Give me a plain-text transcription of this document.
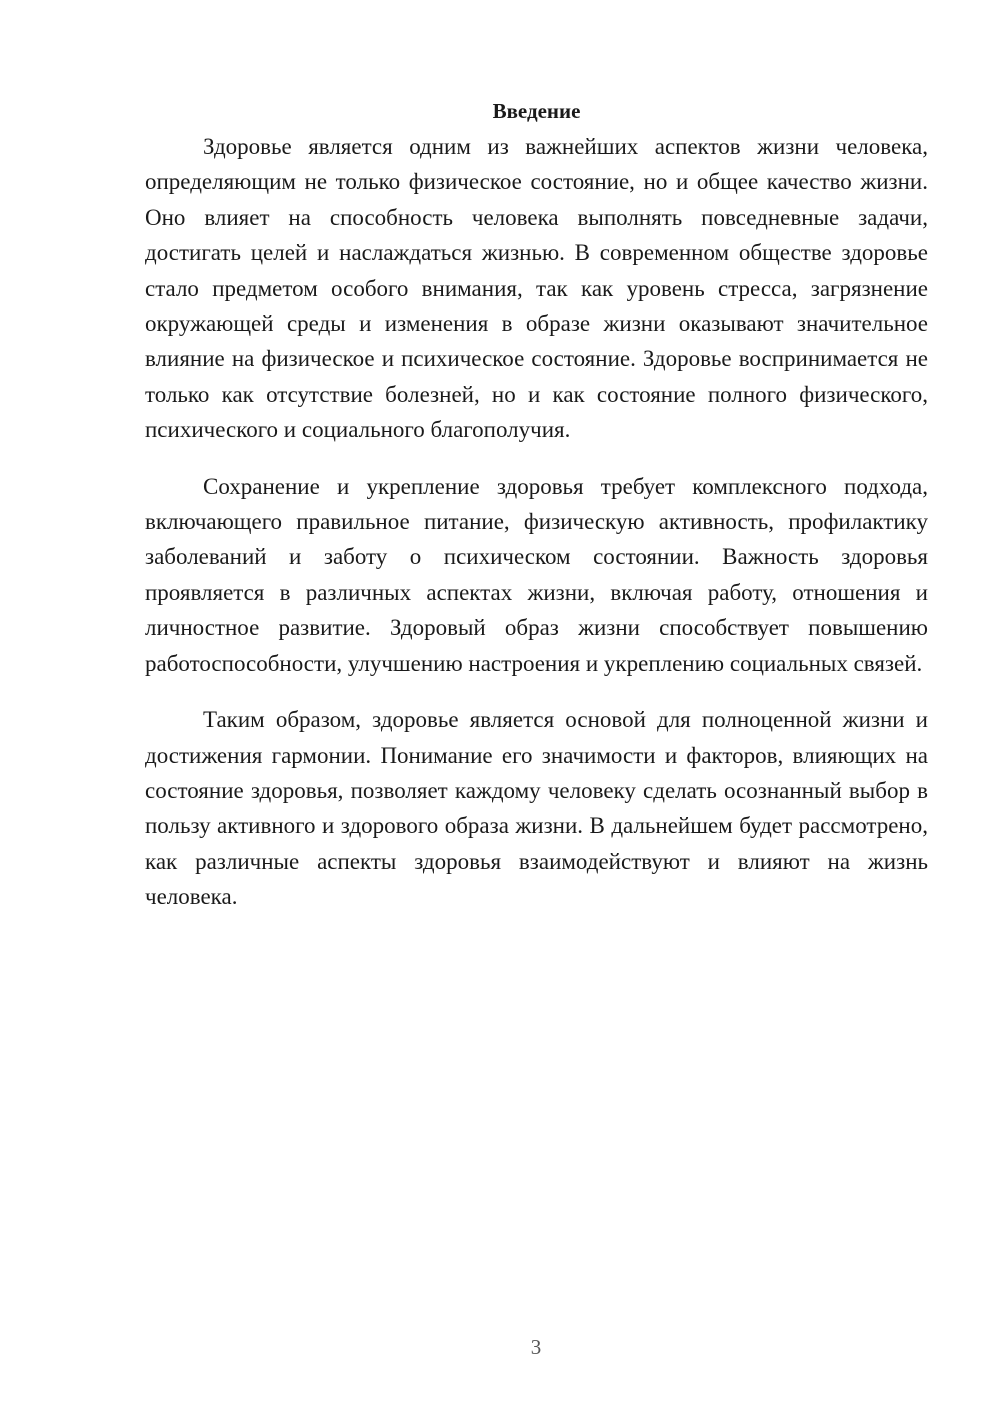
Введение

Здоровье является одним из важнейших аспектов жизни человека, определяющим не только физическое состояние, но и общее качество жизни. Оно влияет на способность человека выполнять повседневные задачи, достигать целей и наслаждаться жизнью. В современном обществе здоровье стало предметом особого внимания, так как уровень стресса, загрязнение окружающей среды и изменения в образе жизни оказывают значительное влияние на физическое и психическое состояние. Здоровье воспринимается не только как отсутствие болезней, но и как состояние полного физического, психического и социального благополучия.

Сохранение и укрепление здоровья требует комплексного подхода, включающего правильное питание, физическую активность, профилактику заболеваний и заботу о психическом состоянии. Важность здоровья проявляется в различных аспектах жизни, включая работу, отношения и личностное развитие. Здоровый образ жизни способствует повышению работоспособности, улучшению настроения и укреплению социальных связей.

Таким образом, здоровье является основой для полноценной жизни и достижения гармонии. Понимание его значимости и факторов, влияющих на состояние здоровья, позволяет каждому человеку сделать осознанный выбор в пользу активного и здорового образа жизни. В дальнейшем будет рассмотрено, как различные аспекты здоровья взаимодействуют и влияют на жизнь человека.

3
